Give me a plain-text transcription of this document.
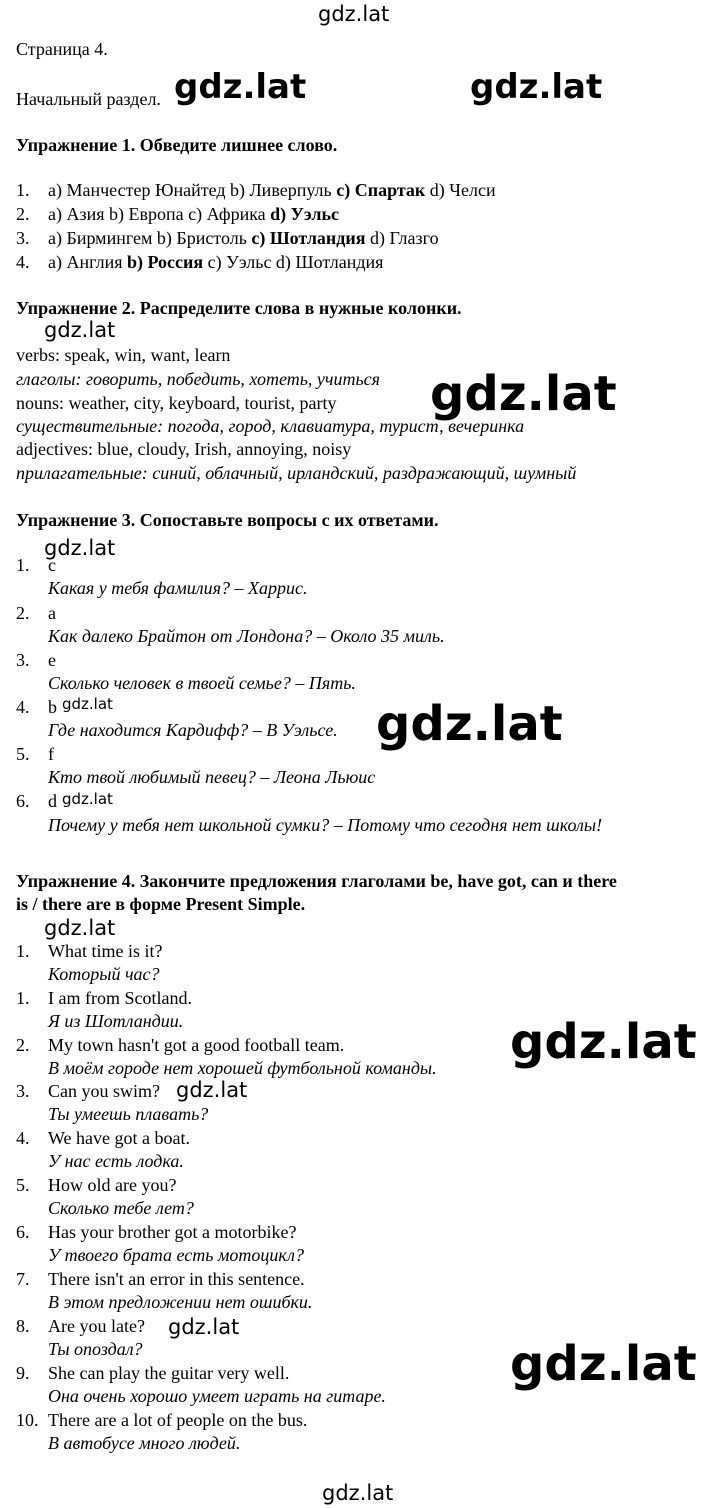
Страница 4.
Начальный раздел.
Упражнение 1. Обведите лишнее слово.
1. a) Манчестер Юнайтед b) Ливерпуль c) Спартак d) Челси
2. a) Азия b) Европа c) Африка d) Уэльс
3. a) Бирмингем b) Бристоль c) Шотландия d) Глазго
4. a) Англия b) Россия c) Уэльс d) Шотландия
Упражнение 2. Распределите слова в нужные колонки.
verbs: speak, win, want, learn
глаголы: говорить, победить, хотеть, учиться
nouns: weather, city, keyboard, tourist, party
существительные: погода, город, клавиатура, турист, вечеринка
adjectives: blue, cloudy, Irish, annoying, noisy
прилагательные: синий, облачный, ирландский, раздражающий, шумный
Упражнение 3. Сопоставьте вопросы с их ответами.
1. c
Какая у тебя фамилия? – Харрис.
2. a
Как далеко Брайтон от Лондона? – Около 35 миль.
3. e
Сколько человек в твоей семье? – Пять.
4. b
Где находится Кардифф? – В Уэльсе.
5. f
Кто твой любимый певец? – Леона Льюис
6. d
Почему у тебя нет школьной сумки? – Потому что сегодня нет школы!
Упражнение 4. Закончите предложения глаголами be, have got, can и there
is / there are в форме Present Simple.
1. What time is it?
Который час?
1. I am from Scotland.
Я из Шотландии.
2. My town hasn't got a good football team.
В моём городе нет хорошей футбольной команды.
3. Can you swim?
Ты умеешь плавать?
4. We have got a boat.
У нас есть лодка.
5. How old are you?
Сколько тебе лет?
6. Has your brother got a motorbike?
У твоего брата есть мотоцикл?
7. There isn't an error in this sentence.
В этом предложении нет ошибки.
8. Are you late?
Ты опоздал?
9. She can play the guitar very well.
Она очень хорошо умеет играть на гитаре.
10. There are a lot of people on the bus.
В автобусе много людей.
gdz.lat
gdz.lat	gdz.lat
gdz.lat
gdz.lat
gdz.lat
gdz.lat	gdz.lat
gdz.lat
gdz.lat
gdz.lat
gdz.lat
gdz.lat
gdz.lat
gdz.lat
